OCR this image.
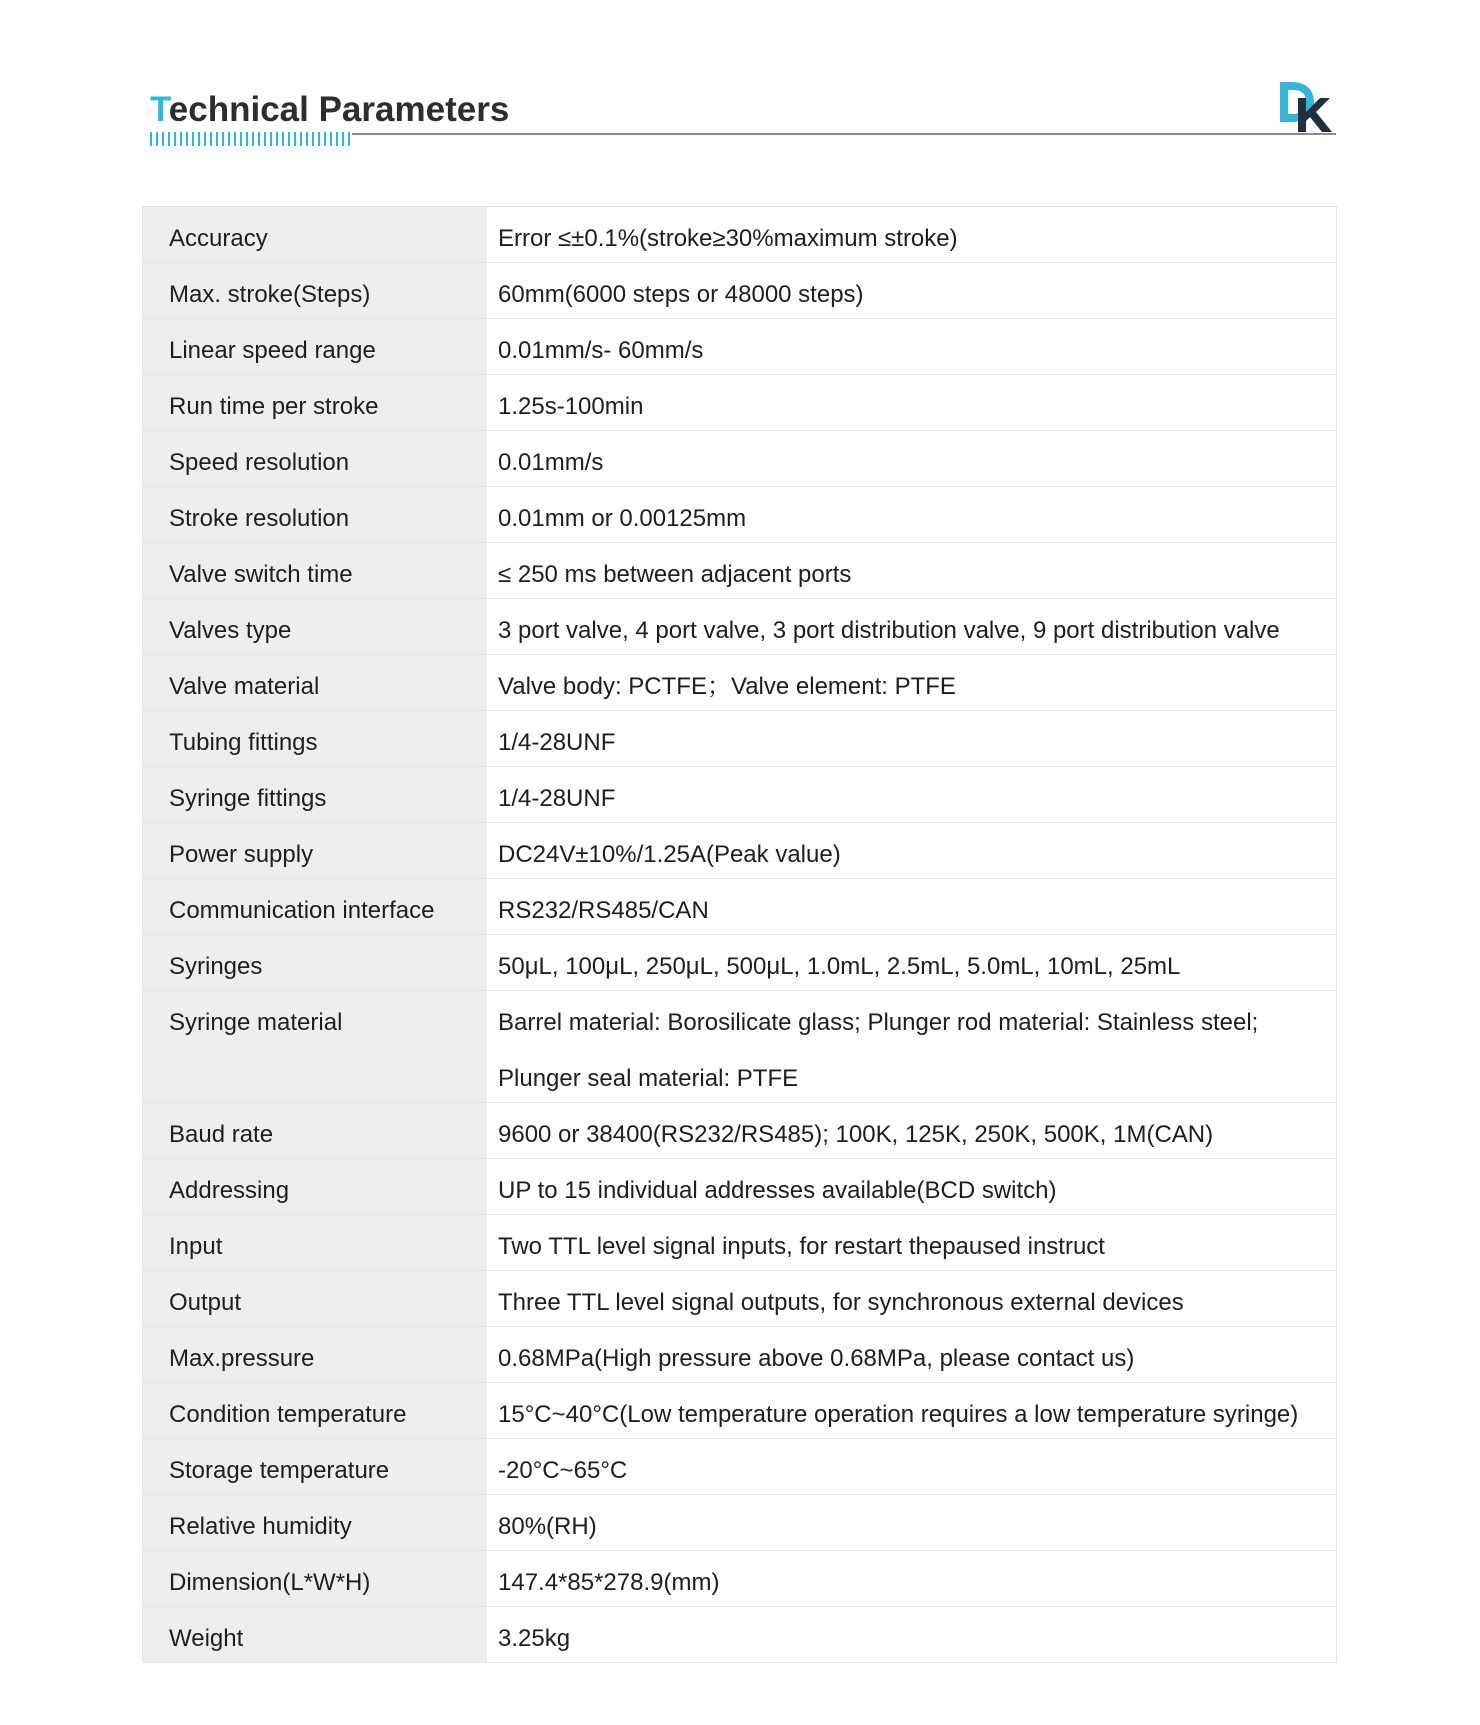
Technical Parameters
Accuracy	Error ≤±0.1%(stroke≥30%maximum stroke)
Max. stroke(Steps)	60mm(6000 steps or 48000 steps)
Linear speed range	0.01mm/s- 60mm/s
Run time per stroke	1.25s-100min
Speed resolution	0.01mm/s
Stroke resolution	0.01mm or 0.00125mm
Valve switch time	≤ 250 ms between adjacent ports
Valves type	3 port valve, 4 port valve, 3 port distribution valve, 9 port distribution valve
Valve material	Valve body: PCTFE；Valve element: PTFE
Tubing fittings	1/4-28UNF
Syringe fittings	1/4-28UNF
Power supply	DC24V±10%/1.25A(Peak value)
Communication interface	RS232/RS485/CAN
Syringes	50μL, 100μL, 250μL, 500μL, 1.0mL, 2.5mL, 5.0mL, 10mL, 25mL
Syringe material	Barrel material: Borosilicate glass; Plunger rod material: Stainless steel;
Plunger seal material: PTFE

Baud rate	9600 or 38400(RS232/RS485); 100K, 125K, 250K, 500K, 1M(CAN)
Addressing	UP to 15 individual addresses available(BCD switch)
Input	Two TTL level signal inputs, for restart thepaused instruct
Output	Three TTL level signal outputs, for synchronous external devices
Max.pressure	0.68MPa(High pressure above 0.68MPa, please contact us)
Condition temperature	15°C~40°C(Low temperature operation requires a low temperature syringe)
Storage temperature	-20°C~65°C
Relative humidity	80%(RH)
Dimension(L*W*H)	147.4*85*278.9(mm)
Weight	3.25kg
